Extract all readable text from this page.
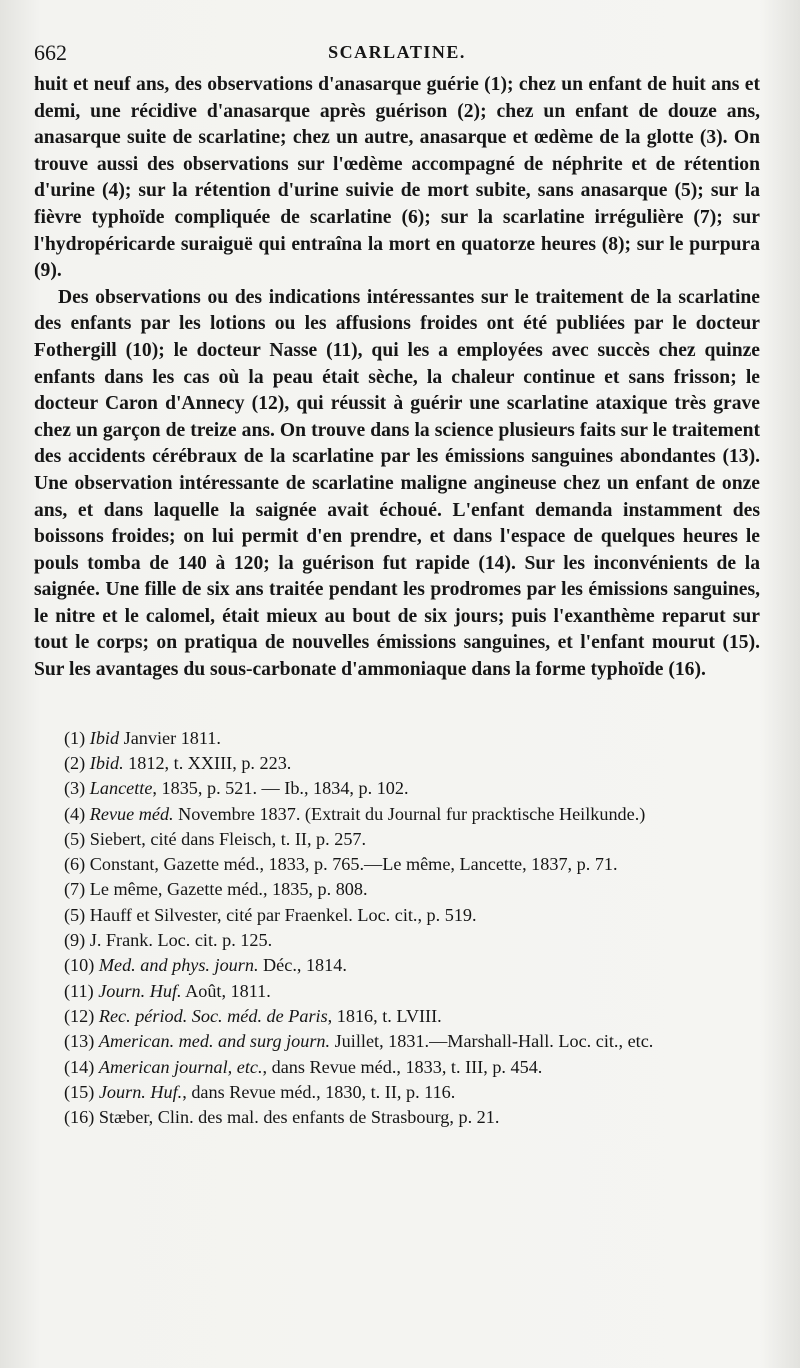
662	SCARLATINE.

huit et neuf ans, des observations d'anasarque guérie (1); chez un enfant de huit ans et demi, une récidive d'anasarque après guérison (2); chez un enfant de douze ans, anasarque suite de scarlatine; chez un autre, anasarque et œdème de la glotte (3). On trouve aussi des observations sur l'œdème accompagné de néphrite et de rétention d'urine (4); sur la rétention d'urine suivie de mort subite, sans anasarque (5); sur la fièvre typhoïde compliquée de scarlatine (6); sur la scarlatine irrégulière (7); sur l'hydropéricarde suraiguë qui entraîna la mort en quatorze heures (8); sur le purpura (9).

Des observations ou des indications intéressantes sur le traitement de la scarlatine des enfants par les lotions ou les affusions froides ont été publiées par le docteur Fothergill (10); le docteur Nasse (11), qui les a employées avec succès chez quinze enfants dans les cas où la peau était sèche, la chaleur continue et sans frisson; le docteur Caron d'Annecy (12), qui réussit à guérir une scarlatine ataxique très grave chez un garçon de treize ans. On trouve dans la science plusieurs faits sur le traitement des accidents cérébraux de la scarlatine par les émissions sanguines abondantes (13). Une observation intéressante de scarlatine maligne angineuse chez un enfant de onze ans, et dans laquelle la saignée avait échoué. L'enfant demanda instamment des boissons froides; on lui permit d'en prendre, et dans l'espace de quelques heures le pouls tomba de 140 à 120; la guérison fut rapide (14). Sur les inconvénients de la saignée. Une fille de six ans traitée pendant les prodromes par les émissions sanguines, le nitre et le calomel, était mieux au bout de six jours; puis l'exanthème reparut sur tout le corps; on pratiqua de nouvelles émissions sanguines, et l'enfant mourut (15). Sur les avantages du sous-carbonate d'ammoniaque dans la forme typhoïde (16).

(1) Ibid Janvier 1811.
(2) Ibid. 1812, t. XXIII, p. 223.
(3) Lancette, 1835, p. 521. — Ib., 1834, p. 102.
(4) Revue méd. Novembre 1837. (Extrait du Journal fur pracktische Heilkunde.)
(5) Siebert, cité dans Fleisch, t. II, p. 257.
(6) Constant, Gazette méd., 1833, p. 765.—Le même, Lancette, 1837, p. 71.
(7) Le même, Gazette méd., 1835, p. 808.
(5) Hauff et Silvester, cité par Fraenkel. Loc. cit., p. 519.
(9) J. Frank. Loc. cit. p. 125.
(10) Med. and phys. journ. Déc., 1814.
(11) Journ. Huf. Août, 1811.
(12) Rec. périod. Soc. méd. de Paris, 1816, t. LVIII.
(13) American. med. and surg journ. Juillet, 1831.—Marshall-Hall. Loc. cit., etc.
(14) American journal, etc., dans Revue méd., 1833, t. III, p. 454.
(15) Journ. Huf., dans Revue méd., 1830, t. II, p. 116.
(16) Stæber, Clin. des mal. des enfants de Strasbourg, p. 21.
